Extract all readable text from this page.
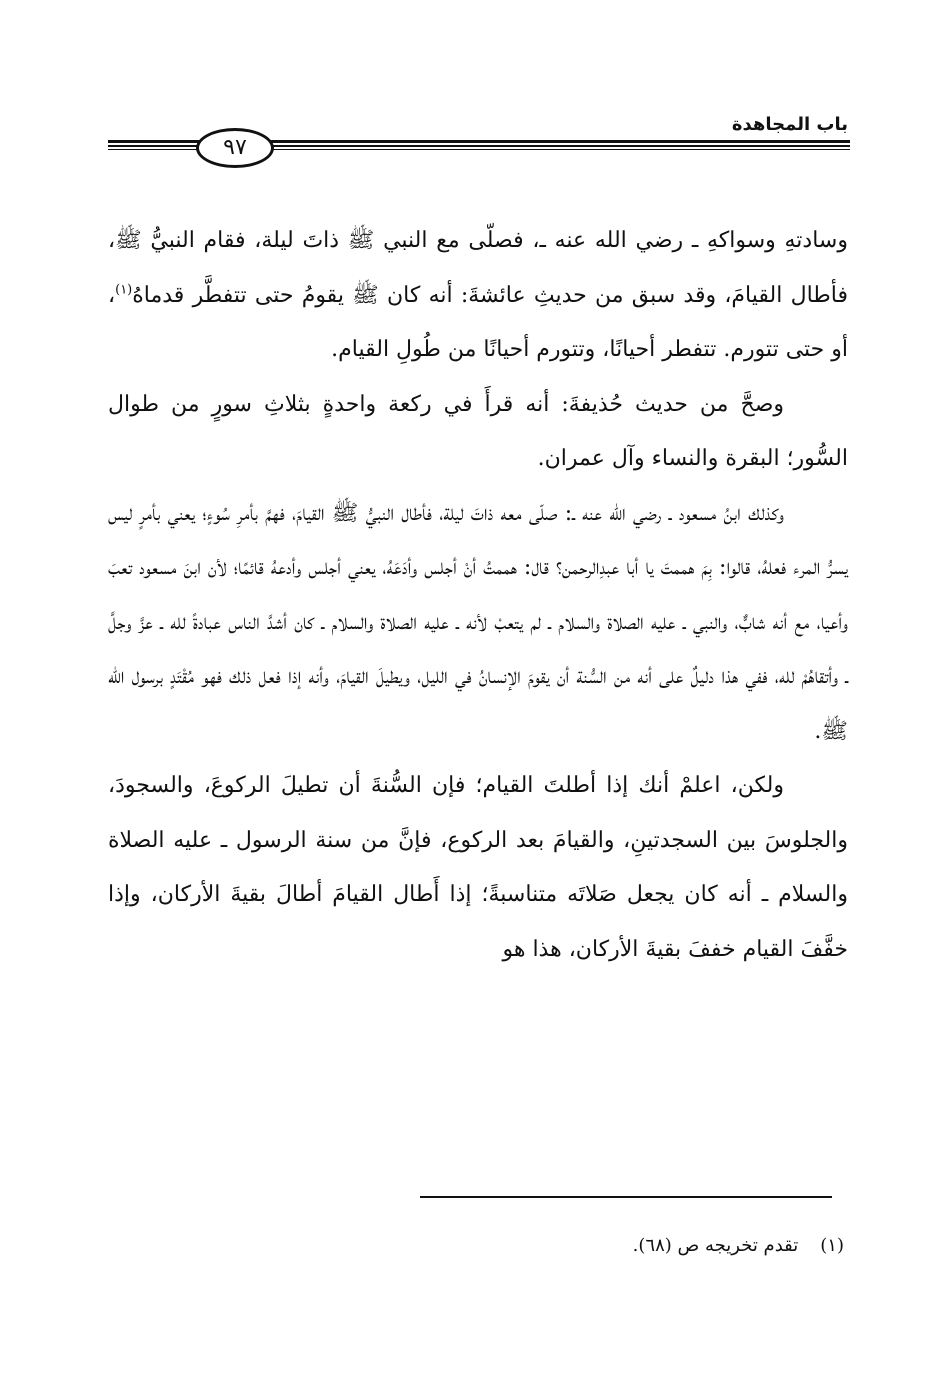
باب المجاهدة
٩٧

وسادتهِ وسواكهِ ـ رضي الله عنه ـ، فصلّى مع النبي ﷺ ذاتَ ليلة، فقام النبيُّ ﷺ، فأطال القيامَ، وقد سبق من حديثِ عائشةَ: أنه كان ﷺ يقومُ حتى تتفطَّر قدماهُ$^{(١)}$، أو حتى تتورم. تتفطر أحيانًا، وتتورم أحيانًا من طُولِ القيام.

وصحَّ من حديث حُذيفةَ: أنه قرأَ في ركعة واحدةٍ بثلاثِ سورٍ من طوال السُّور؛ البقرة والنساء وآل عمران.

وكذلك ابنُ مسعود ـ رضي الله عنه ـ: صلّى معه ذاتَ ليلة، فأطال النبيُّ ﷺ القيامَ، فهمَّ بأمرِ سُوءٍ؛ يعني بأمرٍ ليس يسرُّ المرء فعلهُ، قالوا: بِمَ هممتَ يا أبا عبدِالرحمن؟ قال: هممتُ أنْ أجلس وأدَعَهُ، يعني أجلس وأدعهُ قائمًا؛ لأن ابنَ مسعود تعبَ وأعيا، مع أنه شابٌّ، والنبي ـ عليه الصلاة والسلام ـ لم يتعبْ لأنه ـ عليه الصلاة والسلام ـ كان أشدَّ الناس عبادةً لله ـ عزَّ وجلَّ ـ وأتقاهُمْ لله، ففي هذا دليلٌ على أنه من السُّنة أن يقومَ الإنسانُ في الليل، ويطيلَ القيامَ، وأنه إذا فعل ذلك فهو مُقْتَدٍ برسول الله ﷺ.

ولكن، اعلمْ أنك إذا أطلتَ القيام؛ فإن السُّنةَ أن تطيلَ الركوعَ، والسجودَ، والجلوسَ بين السجدتينِ، والقيامَ بعد الركوع، فإنَّ من سنة الرسول ـ عليه الصلاة والسلام ـ أنه كان يجعل صَلاتَه متناسبةً؛ إذا أَطال القيامَ أطالَ بقيةَ الأركان، وإذا خفَّفَ القيام خففَ بقيةَ الأركان، هذا هو

(١)تقدم تخريجه ص (٦٨).
